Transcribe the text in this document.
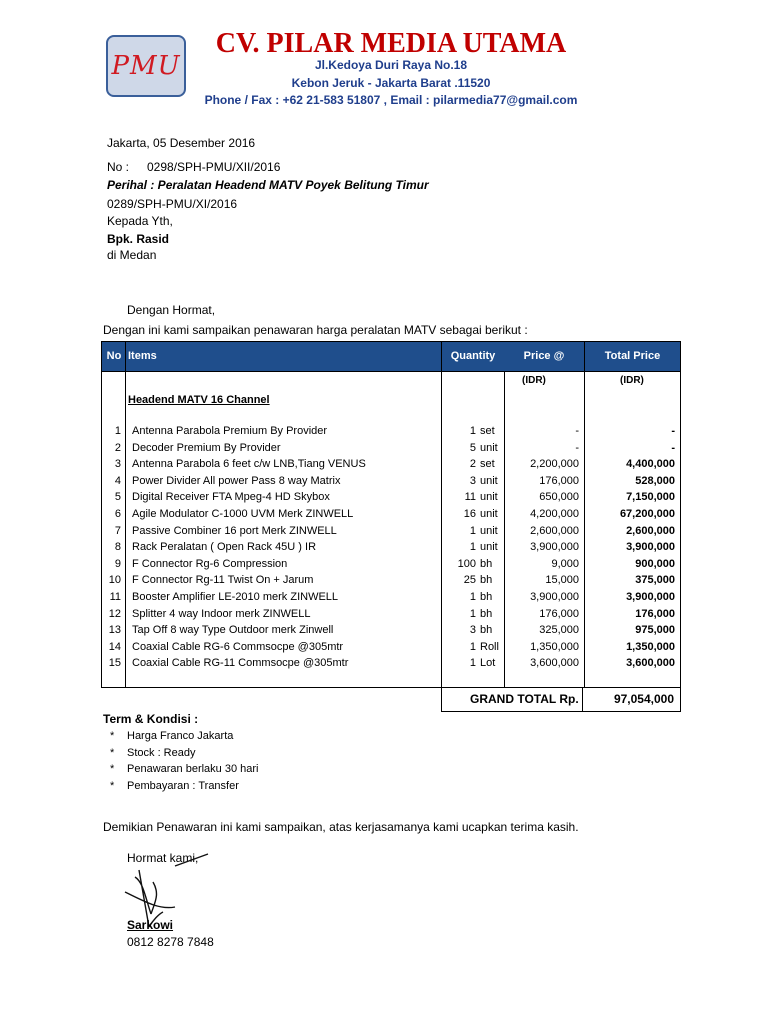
PMU
CV. PILAR MEDIA UTAMA
Jl.Kedoya Duri Raya No.18
Kebon Jeruk - Jakarta Barat .11520
Phone / Fax : +62 21-583 51807 , Email : pilarmedia77@gmail.com
Jakarta, 05 Desember 2016
No : 0298/SPH-PMU/XII/2016
Perihal : Peralatan Headend MATV Poyek Belitung Timur
0289/SPH-PMU/XI/2016
Kepada Yth,
Bpk. Rasid
di Medan
Dengan Hormat,
Dengan ini kami sampaikan penawaran harga peralatan MATV sebagai berikut :
No Items	Quantity	Price @	Total Price
(IDR)	(IDR)
Headend MATV 16 Channel
1 Antenna Parabola Premium By Provider	1 set	-	-
2 Decoder Premium By Provider	5 unit	-	-
3 Antenna Parabola 6 feet c/w LNB,Tiang VENUS	2 set	2,200,000	4,400,000
4 Power Divider All power Pass 8 way Matrix	3 unit	176,000	528,000
5 Digital Receiver FTA Mpeg-4 HD Skybox	11 unit	650,000	7,150,000
6 Agile Modulator C-1000 UVM Merk ZINWELL	16 unit	4,200,000	67,200,000
7 Passive Combiner 16 port Merk ZINWELL	1 unit	2,600,000	2,600,000
8 Rack Peralatan ( Open Rack 45U ) IR	1 unit	3,900,000	3,900,000
9 F Connector Rg-6 Compression	100 bh	9,000	900,000
10 F Connector Rg-11 Twist On + Jarum	25 bh	15,000	375,000
11 Booster Amplifier LE-2010 merk ZINWELL	1 bh	3,900,000	3,900,000
12 Splitter 4 way Indoor merk ZINWELL	1 bh	176,000	176,000
13 Tap Off 8 way Type Outdoor merk Zinwell	3 bh	325,000	975,000
14 Coaxial Cable RG-6 Commsocpe @305mtr	1 Roll	1,350,000	1,350,000
15 Coaxial Cable RG-11 Commsocpe @305mtr	1 Lot	3,600,000	3,600,000
GRAND TOTAL Rp.	97,054,000
Term & Kondisi :
* Harga Franco Jakarta
* Stock : Ready
* Penawaran berlaku 30 hari
* Pembayaran : Transfer
Demikian Penawaran ini kami sampaikan, atas kerjasamanya kami ucapkan terima kasih.
Hormat kami,
Sarkowi
0812 8278 7848
